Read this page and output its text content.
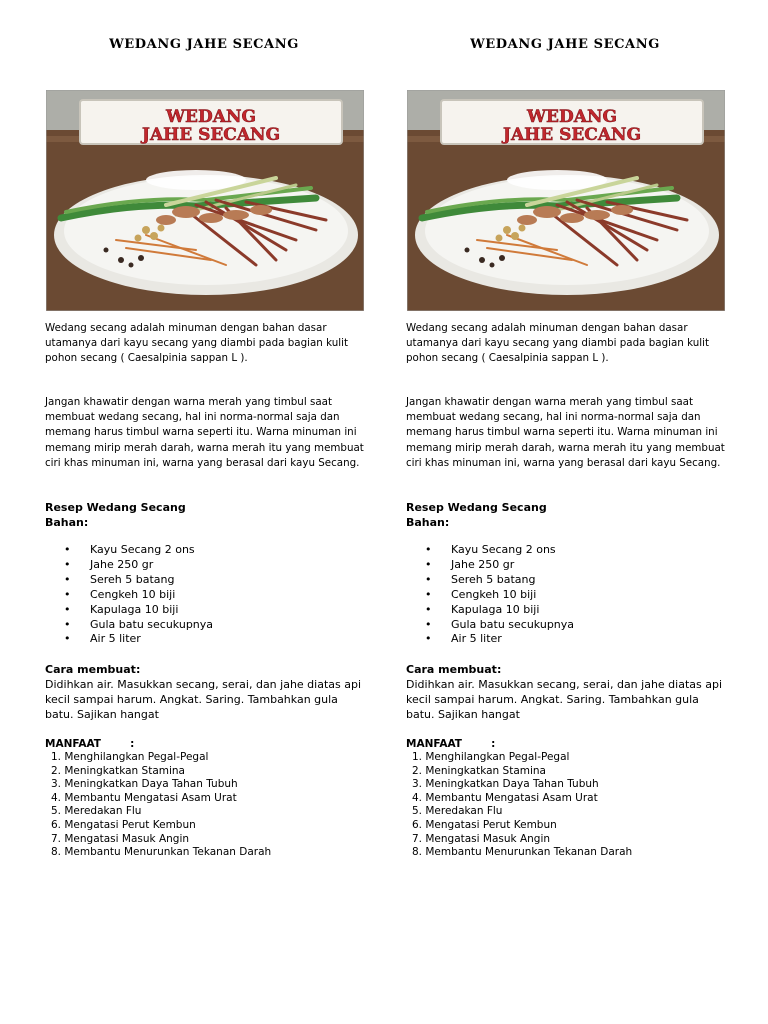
WEDANG JAHE SECANG
WEDANG
JAHE SECANG

Wedang secang adalah minuman dengan bahan dasar utamanya dari kayu secang yang diambi pada bagian kulit pohon secang ( Caesalpinia sappan L ).

Jangan khawatir dengan warna merah yang timbul saat membuat wedang secang, hal ini norma-normal saja dan memang harus timbul warna seperti itu. Warna minuman ini memang mirip merah darah, warna merah itu yang membuat ciri khas minuman ini, warna yang berasal dari kayu Secang.

Resep Wedang Secang
Bahan:
• Kayu Secang 2 ons
• Jahe 250 gr
• Sereh 5 batang
• Cengkeh 10 biji
• Kapulaga 10 biji
• Gula batu secukupnya
• Air 5 liter
Cara membuat:

Didihkan air. Masukkan secang, serai, dan jahe diatas api kecil sampai harum. Angkat. Saring. Tambahkan gula batu. Sajikan hangat

MANFAAT        :
1. Menghilangkan Pegal-Pegal
2. Meningkatkan Stamina
3. Meningkatkan Daya Tahan Tubuh
4. Membantu Mengatasi Asam Urat
5. Meredakan Flu
6. Mengatasi Perut Kembun
7. Mengatasi Masuk Angin
8. Membantu Menurunkan Tekanan Darah
WEDANG JAHE SECANG
WEDANG
JAHE SECANG

Wedang secang adalah minuman dengan bahan dasar utamanya dari kayu secang yang diambi pada bagian kulit pohon secang ( Caesalpinia sappan L ).

Jangan khawatir dengan warna merah yang timbul saat membuat wedang secang, hal ini norma-normal saja dan memang harus timbul warna seperti itu. Warna minuman ini memang mirip merah darah, warna merah itu yang membuat ciri khas minuman ini, warna yang berasal dari kayu Secang.

Resep Wedang Secang
Bahan:
• Kayu Secang 2 ons
• Jahe 250 gr
• Sereh 5 batang
• Cengkeh 10 biji
• Kapulaga 10 biji
• Gula batu secukupnya
• Air 5 liter
Cara membuat:

Didihkan air. Masukkan secang, serai, dan jahe diatas api kecil sampai harum. Angkat. Saring. Tambahkan gula batu. Sajikan hangat

MANFAAT        :
1. Menghilangkan Pegal-Pegal
2. Meningkatkan Stamina
3. Meningkatkan Daya Tahan Tubuh
4. Membantu Mengatasi Asam Urat
5. Meredakan Flu
6. Mengatasi Perut Kembun
7. Mengatasi Masuk Angin
8. Membantu Menurunkan Tekanan Darah
